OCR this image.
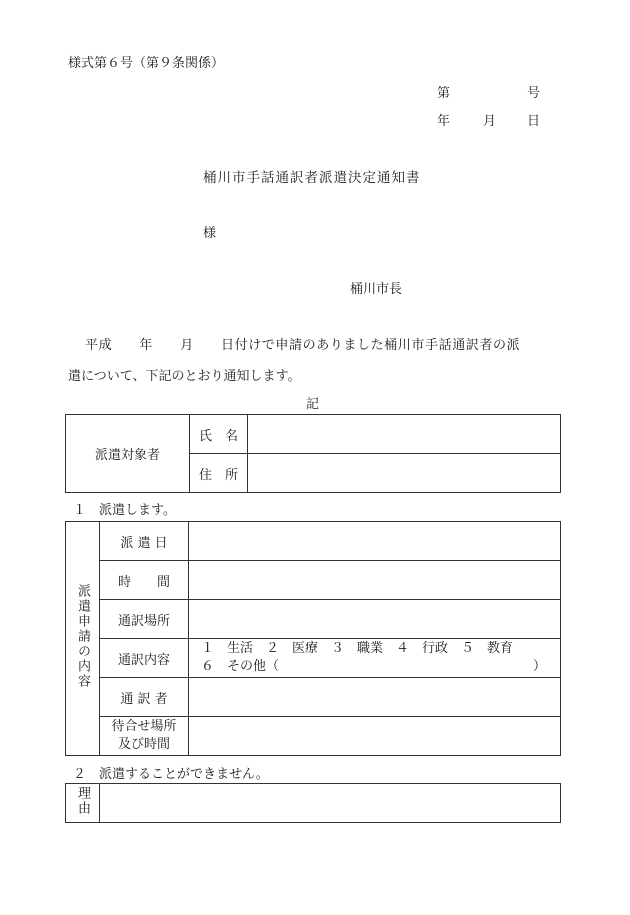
様式第６号（第９条関係）
第	号
年	月 日
桶川市手話通訳者派遣決定通知書
様
桶川市長
平成　　年　　月　　日付けで申請のありました桶川市手話通訳者の派
遣について、下記のとおり通知します。
記
派遣対象者	氏　名	
	住　所	
１　派遣します。
派遣申請の内容	派 遣 日	
	時　　間	
	通訳場所	
	通訳内容	１　生活　２　医療　３　職業　４　行政　５　教育
６　その他（ ）

	通 訳 者	

	待合せ場所
及び時間	

２　派遣することができません。
理由	
